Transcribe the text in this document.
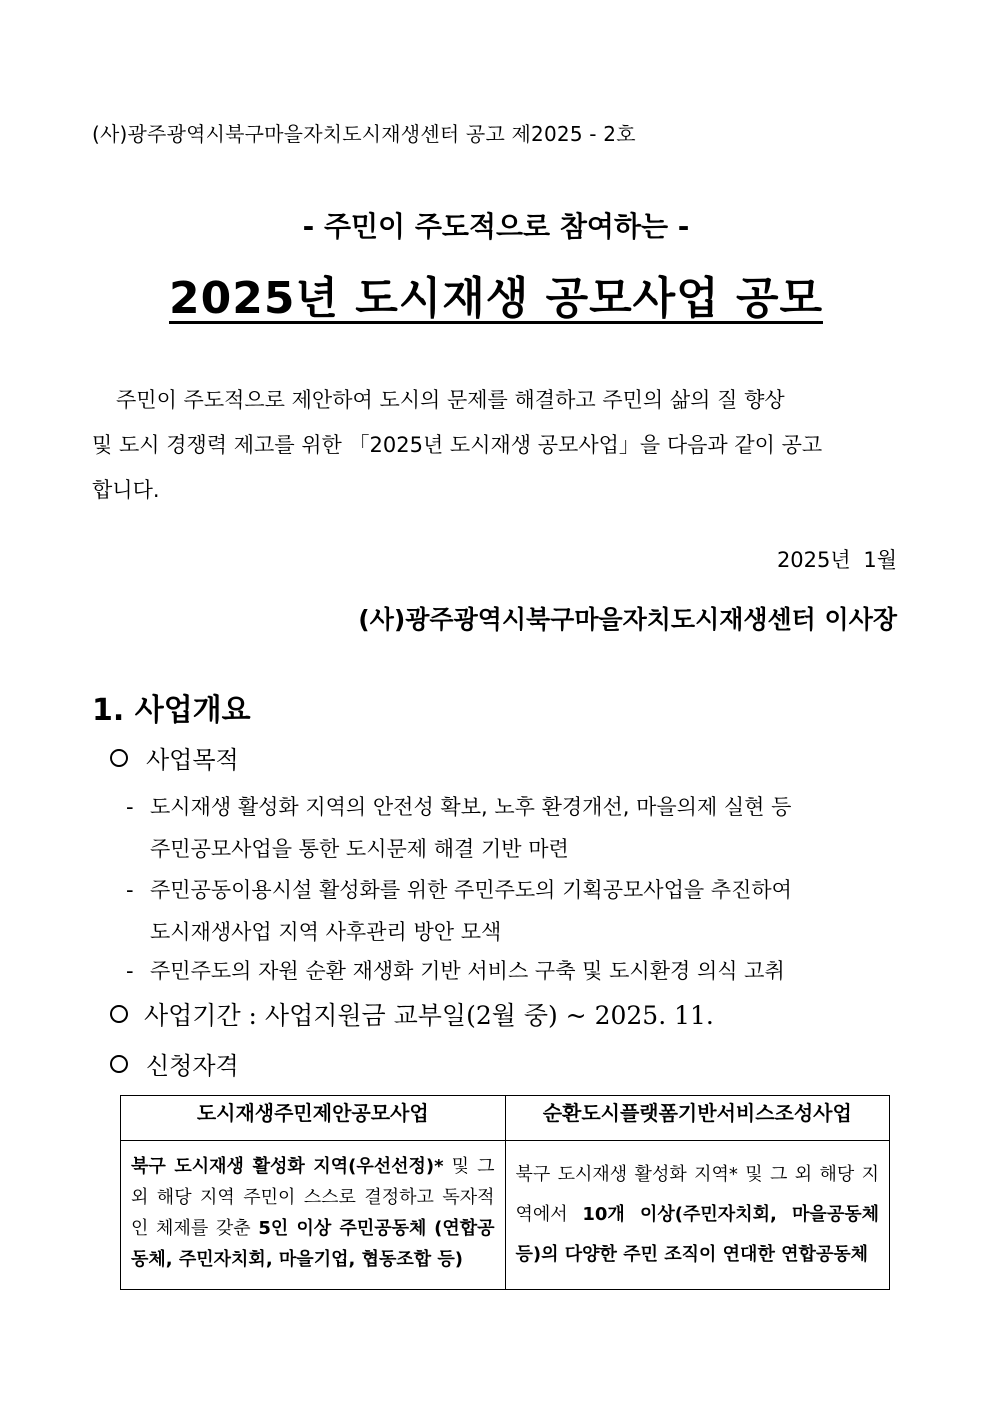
(사)광주광역시북구마을자치도시재생센터 공고 제2025 - 2호
- 주민이 주도적으로 참여하는 -
2025년 도시재생 공모사업 공모
주민이 주도적으로 제안하여 도시의 문제를 해결하고 주민의 삶의 질 향상
및 도시 경쟁력 제고를 위한 「2025년 도시재생 공모사업」을 다음과 같이 공고
합니다.
2025년 1월
(사)광주광역시북구마을자치도시재생센터 이사장
1. 사업개요
사업목적
- 도시재생 활성화 지역의 안전성 확보, 노후 환경개선, 마을의제 실현 등
주민공모사업을 통한 도시문제 해결 기반 마련
- 주민공동이용시설 활성화를 위한 주민주도의 기획공모사업을 추진하여
도시재생사업 지역 사후관리 방안 모색
- 주민주도의 자원 순환 재생화 기반 서비스 구축 및 도시환경 의식 고취
사업기간 : 사업지원금 교부일(2월 중) ~ 2025. 11.
신청자격
도시재생주민제안공모사업	순환도시플랫폼기반서비스조성사업
북구 도시재생 활성화 지역(우선선정)* 및 그 외 해당 지역 주민이 스스로 결정하고 독자적인 체제를 갖춘 5인 이상 주민공동체 (연합공동체, 주민자치회, 마을기업, 협동조합 등)	북구 도시재생 활성화 지역* 및 그 외 해당 지역에서 10개 이상(주민자치회, 마을공동체 등)의 다양한 주민 조직이 연대한 연합공동체
